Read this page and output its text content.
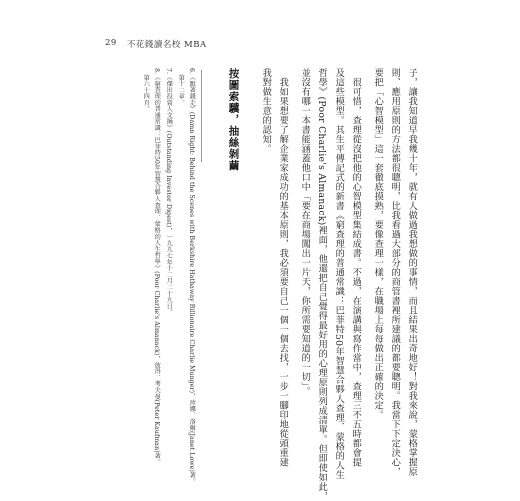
29 不花錢讀名校 MBA
子，讓我知道早我幾十年，就有人做過我想做的事情，而且結果出奇地好！對我來說，蒙格掌握原
則、應用原則的方法都很聰明，比我看過大部分的商管書裡所建議的都要聰明。我當下下定決心，
要把「心智模型」這一套徹底摸熟，要像查理一樣，在職場上每每做出正確的決定。
　很可惜，查理從沒把他的心智模型集結成書。不過，在演講與寫作當中，查理三不五時都會提
及這些模型。其生平傳記式的新書《窮查理的普通常識：巴菲特50年智慧合夥人查理．蒙格的人生
哲學》(Poor Charlie's Almanack)裡面，他還把自己覺得最好用的心理原則列成清單。但即使如此，
並沒有哪一本書能涵蓋他口中「要在商場闖出一片天，你所需要知道的一切」。
　我如果想要了解企業家成功的基本原則，我必須要自己一個一個去找，一步一腳印地從頭重建
我對做生意的認知。
按圖索驥，抽絲剝繭
6.《跟著錢走》(Damn Right: Behind the Scenes with Berkshire Hathaway Billionaire Charlie Munger)，珍娜．洛爾(Janet Lowe)著。
　第十二章。
7.《傑出投資人文摘》(Outstanding Investor Digest)，一九九七年十二月二十九日。
8.《窮查理的普通常識：巴菲特50年智慧合夥人查理．蒙格的人生哲學》(Poor Charlie's Almanack)，彼得．考夫曼(Peter Kaufman)著。
　第六十四頁。
